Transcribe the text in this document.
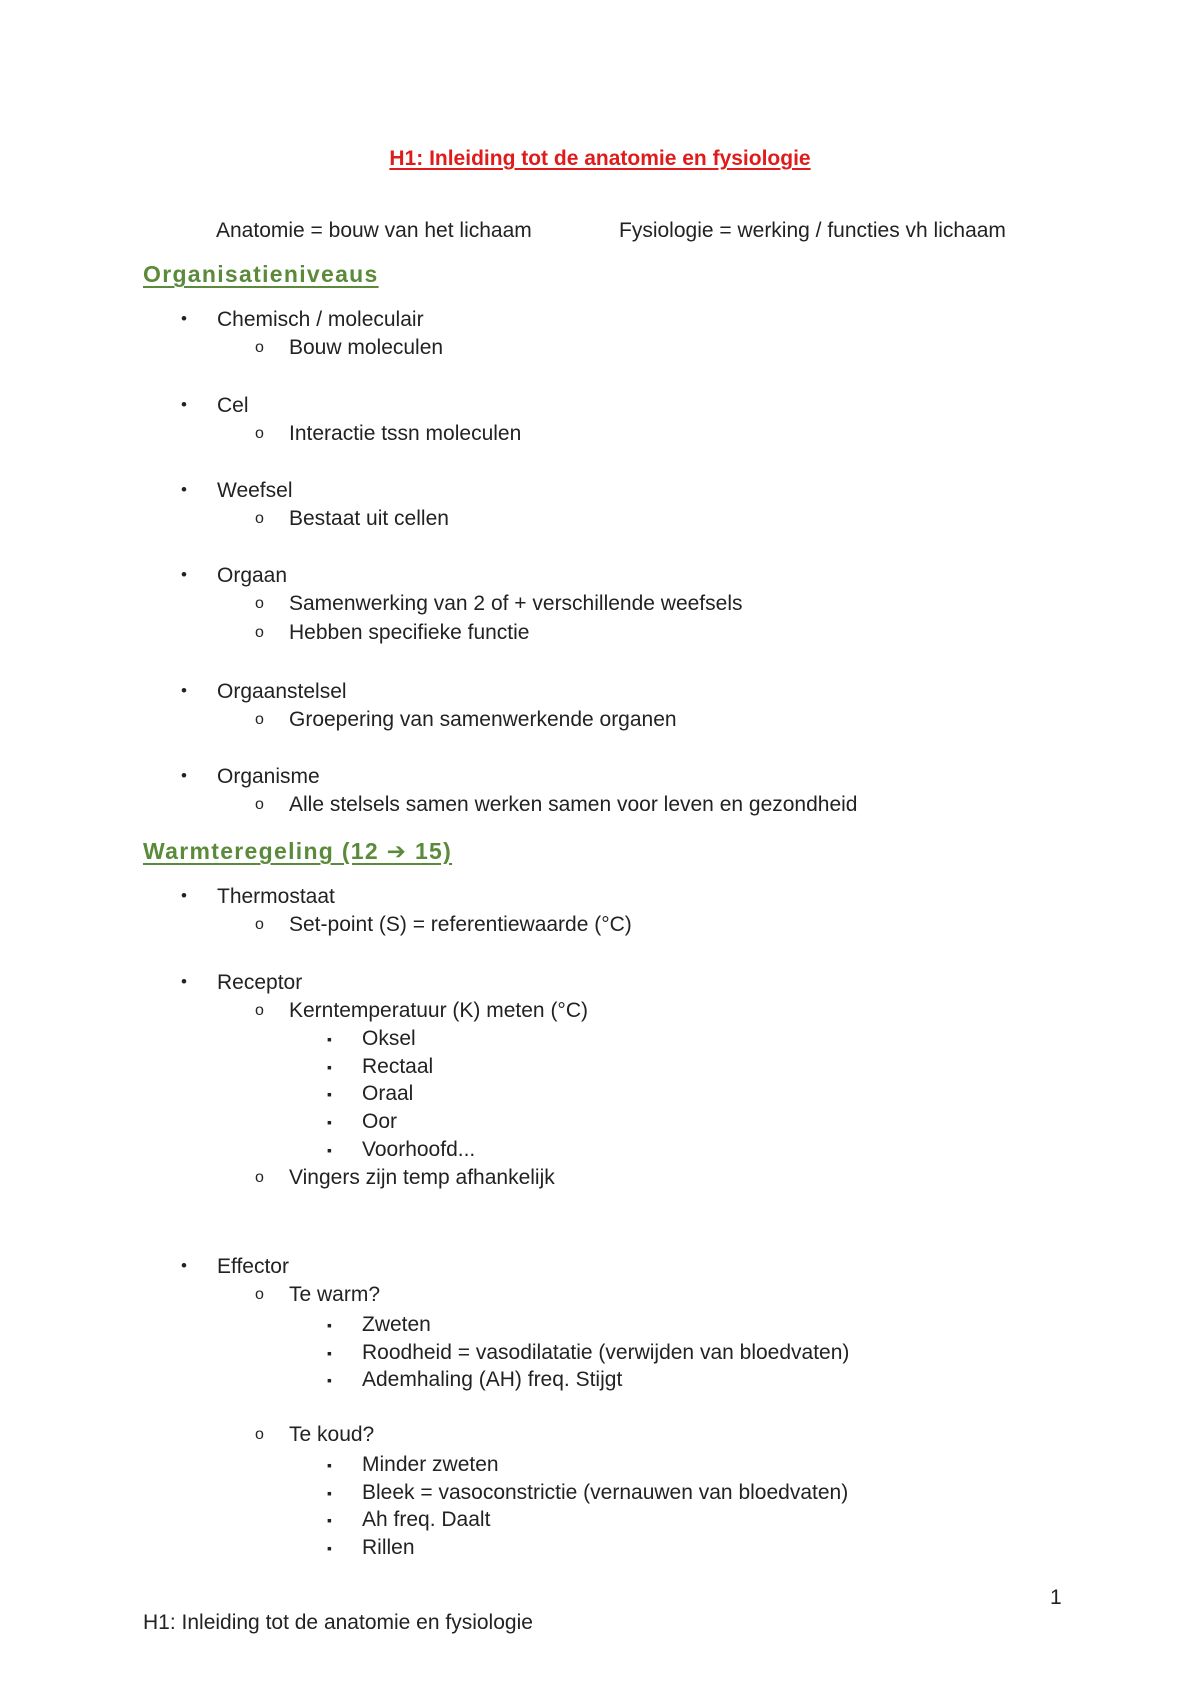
H1: Inleiding tot de anatomie en fysiologie
Anatomie = bouw van het lichaam	Fysiologie = werking / functies vh lichaam
Organisatieniveaus
• Chemisch / moleculair
o Bouw moleculen
• Cel
o Interactie tssn moleculen
• Weefsel
o Bestaat uit cellen
• Orgaan
o Samenwerking van 2 of + verschillende weefsels
o Hebben specifieke functie
• Orgaanstelsel
o Groepering van samenwerkende organen
• Organisme
o Alle stelsels samen werken samen voor leven en gezondheid
Warmteregeling (12 ➔ 15)
• Thermostaat
o Set-point (S) = referentiewaarde (°C)
• Receptor
o Kerntemperatuur (K) meten (°C)
▪ Oksel
▪ Rectaal
▪ Oraal
▪ Oor
▪ Voorhoofd...
o Vingers zijn temp afhankelijk
• Effector
o Te warm?
▪ Zweten
▪ Roodheid = vasodilatatie (verwijden van bloedvaten)
▪ Ademhaling (AH) freq. Stijgt
o Te koud?
▪ Minder zweten
▪ Bleek = vasoconstrictie (vernauwen van bloedvaten)
▪ Ah freq. Daalt
▪ Rillen
1
H1: Inleiding tot de anatomie en fysiologie
